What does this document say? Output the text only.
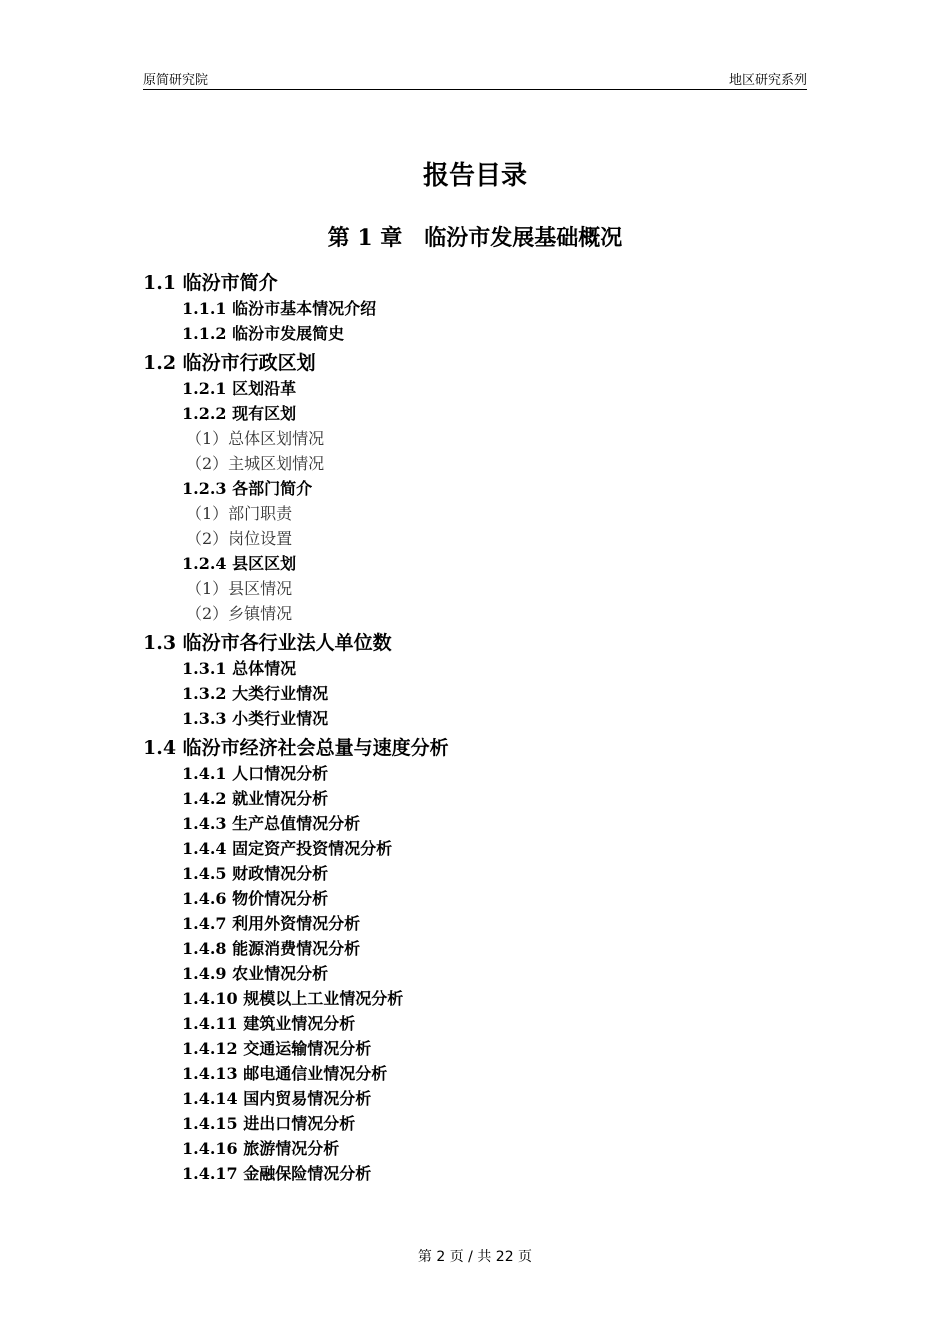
原简研究院	地区研究系列
报告目录
第 1 章　临汾市发展基础概况
1.1 临汾市简介
1.1.1 临汾市基本情况介绍
1.1.2 临汾市发展简史
1.2 临汾市行政区划
1.2.1 区划沿革
1.2.2 现有区划
（1）总体区划情况
（2）主城区划情况
1.2.3 各部门简介
（1）部门职责
（2）岗位设置
1.2.4 县区区划
（1）县区情况
（2）乡镇情况
1.3 临汾市各行业法人单位数
1.3.1 总体情况
1.3.2 大类行业情况
1.3.3 小类行业情况
1.4 临汾市经济社会总量与速度分析
1.4.1 人口情况分析
1.4.2 就业情况分析
1.4.3 生产总值情况分析
1.4.4 固定资产投资情况分析
1.4.5 财政情况分析
1.4.6 物价情况分析
1.4.7 利用外资情况分析
1.4.8 能源消费情况分析
1.4.9 农业情况分析
1.4.10 规模以上工业情况分析
1.4.11 建筑业情况分析
1.4.12 交通运输情况分析
1.4.13 邮电通信业情况分析
1.4.14 国内贸易情况分析
1.4.15 进出口情况分析
1.4.16 旅游情况分析
1.4.17 金融保险情况分析
第 2 页 / 共 22 页
